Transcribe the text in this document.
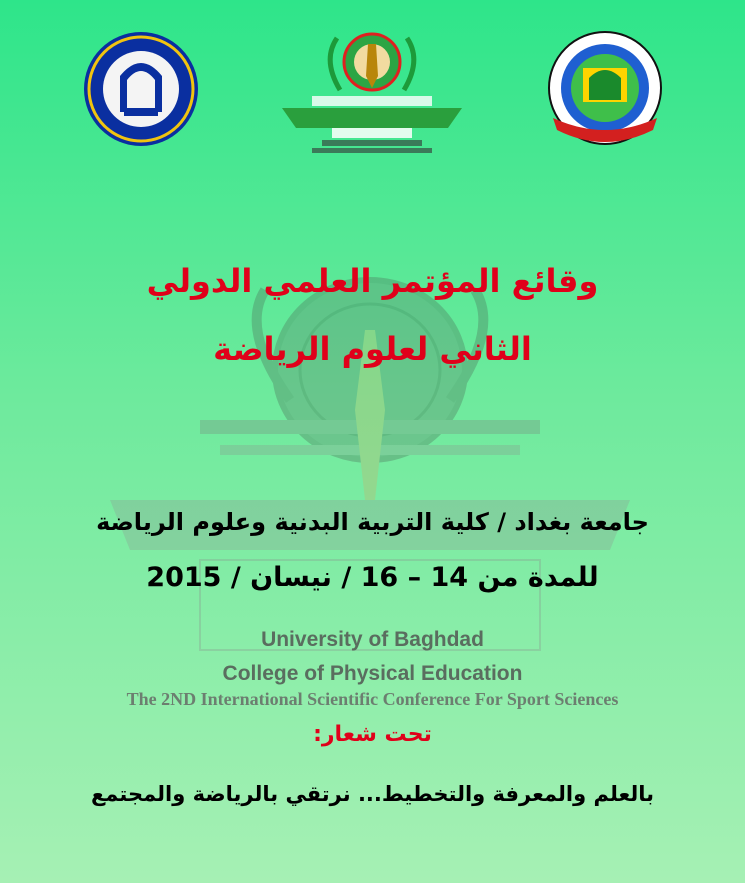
University of Baghdad
College of Physical Education
The 2ND International Scientific Conference For Sport Sciences
وقائع المؤتمر العلمي الدولي
الثاني لعلوم الرياضة
جامعة بغداد / كلية التربية البدنية وعلوم الرياضة
للمدة من 14 – 16 / نيسان / 2015
تحت شعار:
بالعلم والمعرفة والتخطيط... نرتقي بالرياضة والمجتمع
